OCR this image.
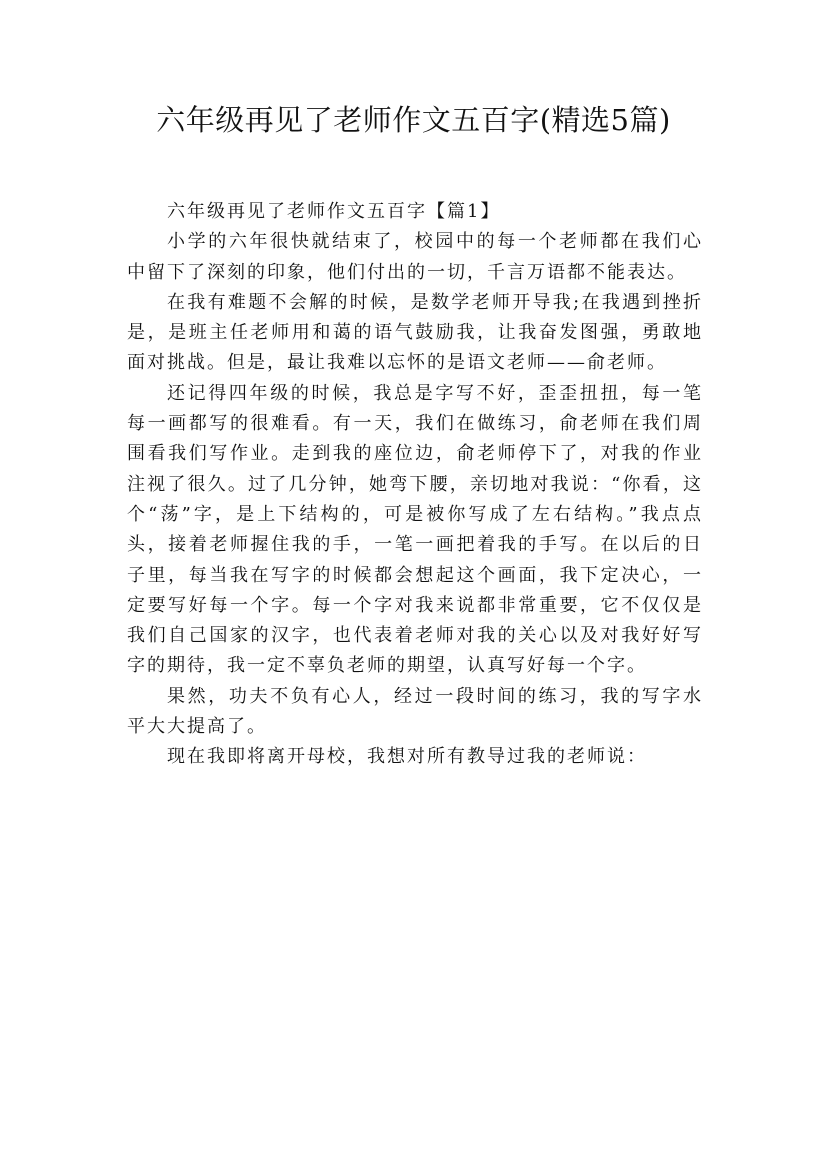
六年级再见了老师作文五百字(精选5篇)
六年级再见了老师作文五百字【篇1】

小学的六年很快就结束了，校园中的每一个老师都在我们心中留下了深刻的印象，他们付出的一切，千言万语都不能表达。

在我有难题不会解的时候，是数学老师开导我;在我遇到挫折是，是班主任老师用和蔼的语气鼓励我，让我奋发图强，勇敢地面对挑战。但是，最让我难以忘怀的是语文老师——俞老师。

还记得四年级的时候，我总是字写不好，歪歪扭扭，每一笔每一画都写的很难看。有一天，我们在做练习，俞老师在我们周围看我们写作业。走到我的座位边，俞老师停下了，对我的作业注视了很久。过了几分钟，她弯下腰，亲切地对我说：“你看，这个“荡”字，是上下结构的，可是被你写成了左右结构。”我点点头，接着老师握住我的手，一笔一画把着我的手写。在以后的日子里，每当我在写字的时候都会想起这个画面，我下定决心，一定要写好每一个字。每一个字对我来说都非常重要，它不仅仅是我们自己国家的汉字，也代表着老师对我的关心以及对我好好写字的期待，我一定不辜负老师的期望，认真写好每一个字。

果然，功夫不负有心人，经过一段时间的练习，我的写字水平大大提高了。

现在我即将离开母校，我想对所有教导过我的老师说：
